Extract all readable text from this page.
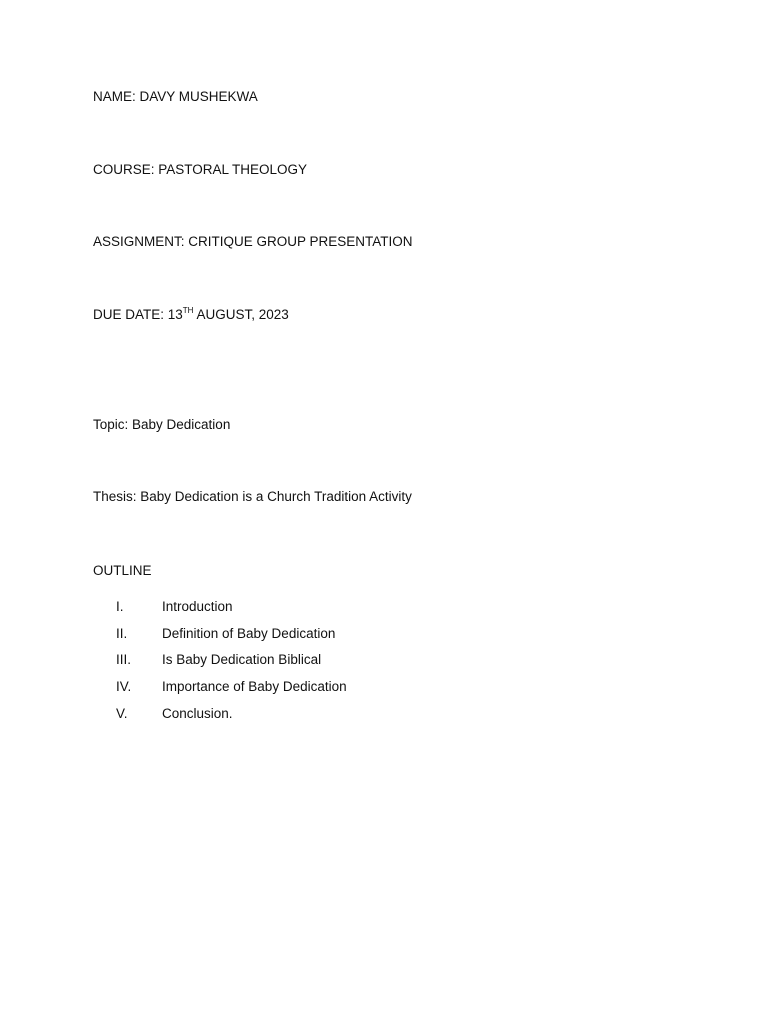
NAME: DAVY MUSHEKWA
COURSE: PASTORAL THEOLOGY
ASSIGNMENT: CRITIQUE GROUP PRESENTATION
DUE DATE: 13TH AUGUST, 2023
Topic: Baby Dedication
Thesis: Baby Dedication is a Church Tradition Activity
OUTLINE
I.	Introduction
II.	Definition of Baby Dedication
III. Is Baby Dedication Biblical
IV. Importance of Baby Dedication
V.	Conclusion.
